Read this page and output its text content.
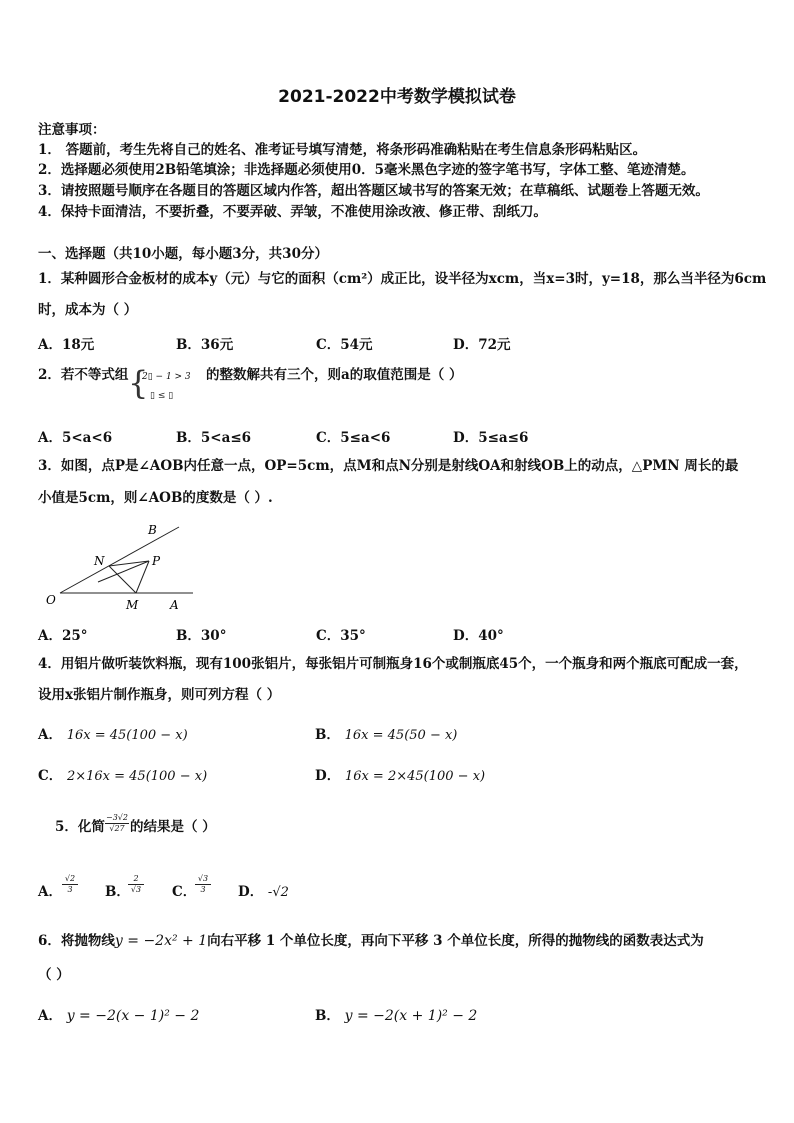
2021-2022中考数学模拟试卷
注意事项：
1． 答题前，考生先将自己的姓名、准考证号填写清楚，将条形码准确粘贴在考生信息条形码粘贴区。
2．选择题必须使用2B铅笔填涂；非选择题必须使用0．5毫米黑色字迹的签字笔书写，字体工整、笔迹清楚。
3．请按照题号顺序在各题目的答题区域内作答，超出答题区域书写的答案无效；在草稿纸、试题卷上答题无效。
4．保持卡面清洁，不要折叠，不要弄破、弄皱，不准使用涂改液、修正带、刮纸刀。
一、选择题（共10小题，每小题3分，共30分）
1．某种圆形合金板材的成本y（元）与它的面积（cm²）成正比，设半径为xcm，当x=3时，y=18，那么当半径为6cm
时，成本为（ ）
A．18元	B．36元	C．54元	D．72元
2．若不等式组 {
2▯ − 1 > 3
▯ ≤ ▯
的整数解共有三个，则a的取值范围是（ ）
A．5<a<6	B．5<a≤6	C．5≤a<6	D．5≤a≤6
3．如图，点P是∠AOB内任意一点，OP=5cm，点M和点N分别是射线OA和射线OB上的动点，△PMN 周长的最
小值是5cm，则∠AOB的度数是（ ）.
B
N	P
O	M	A
A．25°	B．30°	C．35°	D．40°
4．用铝片做听装饮料瓶，现有100张铝片，每张铝片可制瓶身16个或制瓶底45个，一个瓶身和两个瓶底可配成一套，
设用x张铝片制作瓶身，则可列方程（ ）
A． 16x = 45(100 − x)	B． 16x = 45(50 − x)
C． 2×16x = 45(100 − x)	D． 16x = 2×45(100 − x)
5．化简
−3√2
√27 的结果是（ ）
A．
√2
3	B．
2
√3 C．
√3
3	D． -√2
6．将抛物线y = −2x² + 1向右平移 1 个单位长度，再向下平移 3 个单位长度，所得的抛物线的函数表达式为
（ ）
A． y = −2(x − 1)² − 2	B． y = −2(x + 1)² − 2
